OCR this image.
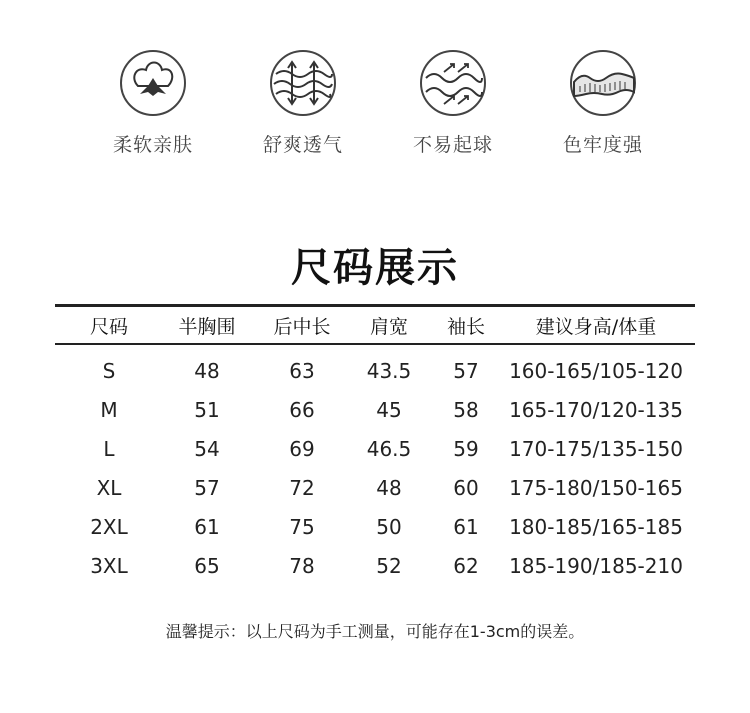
柔软亲肤	舒爽透气	不易起球	色牢度强
尺码展示
尺码	半胸围	后中长	肩宽	袖长	建议身高/体重
S	48	63	43.5	57	160-165/105-120
M	51	66	45	58	165-170/120-135
L	54	69	46.5	59	170-175/135-150
XL	57	72	48	60	175-180/150-165
2XL	61	75	50	61	180-185/165-185
3XL	65	78	52	62	185-190/185-210
温馨提示：以上尺码为手工测量，可能存在1-3cm的误差。
